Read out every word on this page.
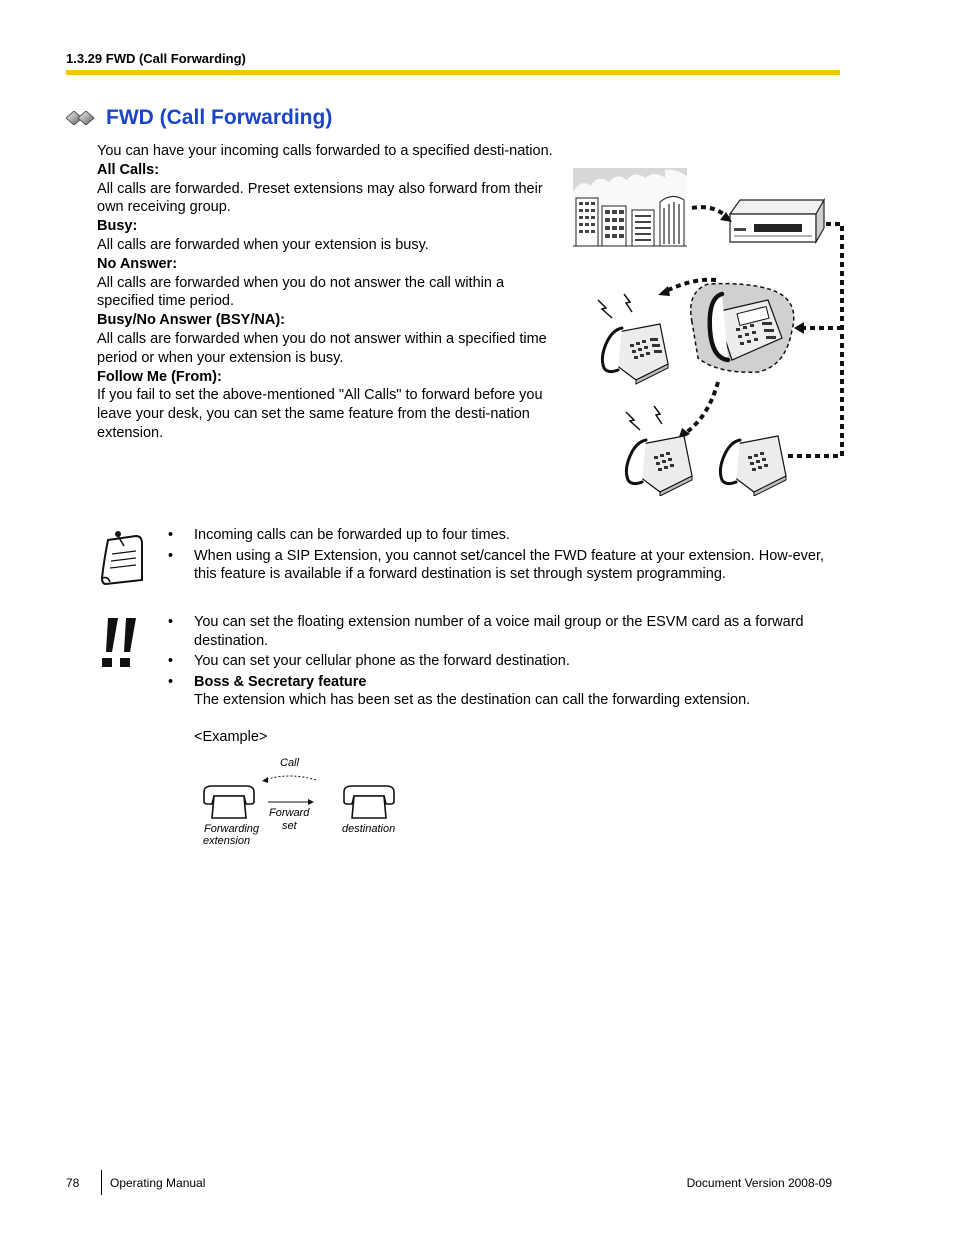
1.3.29 FWD (Call Forwarding)
FWD (Call Forwarding)

You can have your incoming calls forwarded to a specified desti-nation.

All Calls:

All calls are forwarded. Preset extensions may also forward from their own receiving group.

Busy:

All calls are forwarded when your extension is busy.

No Answer:

All calls are forwarded when you do not answer the call within a specified time period.

Busy/No Answer (BSY/NA):

All calls are forwarded when you do not answer within a specified time period or when your extension is busy.

Follow Me (From):

If you fail to set the above-mentioned "All Calls" to forward before you leave your desk, you can set the same feature from the desti-nation extension.

• Incoming calls can be forwarded up to four times.
• When using a SIP Extension, you cannot set/cancel the FWD feature at your extension. How-ever, this feature is available if a forward destination is set through system programming.
• You can set the floating extension number of a voice mail group or the ESVM card as a forward destination.
• You can set your cellular phone as the forward destination.
• Boss & Secretary feature
The extension which has been set as the destination can call the forwarding extension.
<Example>
Call
Forward
set
Forwarding
extension
destination
78	Operating Manual	Document Version 2008-09
